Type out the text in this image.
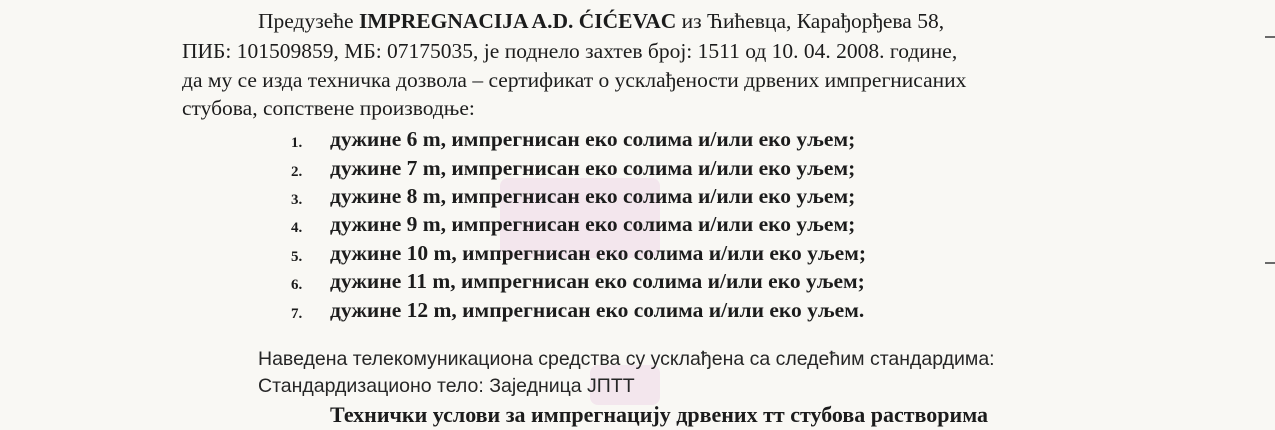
Предузеће IMPREGNACIJA A.D. ĆIĆEVAC из Ћићевца, Карађорђева 58,
ПИБ: 101509859, МБ: 07175035, је поднело захтев број: 1511 од 10. 04. 2008. године,
да му се изда техничка дозвола – сертификат о усклађености дрвених импрегнисаних
стубова, сопствене производње:
1. дужине 6 m, импрегнисан еко солима и/или еко уљем;
2. дужине 7 m, импрегнисан еко солима и/или еко уљем;
3. дужине 8 m, импрегнисан еко солима и/или еко уљем;
4. дужине 9 m, импрегнисан еко солима и/или еко уљем;
5. дужине 10 m, импрегнисан еко солима и/или еко уљем;
6. дужине 11 m, импрегнисан еко солима и/или еко уљем;
7. дужине 12 m, импрегнисан еко солима и/или еко уљем.
Наведена телекомуникациона средства су усклађена са следећим стандардима:
Стандардизационо тело: Заједница ЈПТТ
Технички услови за импрегнацију дрвених тт стубова растворима
